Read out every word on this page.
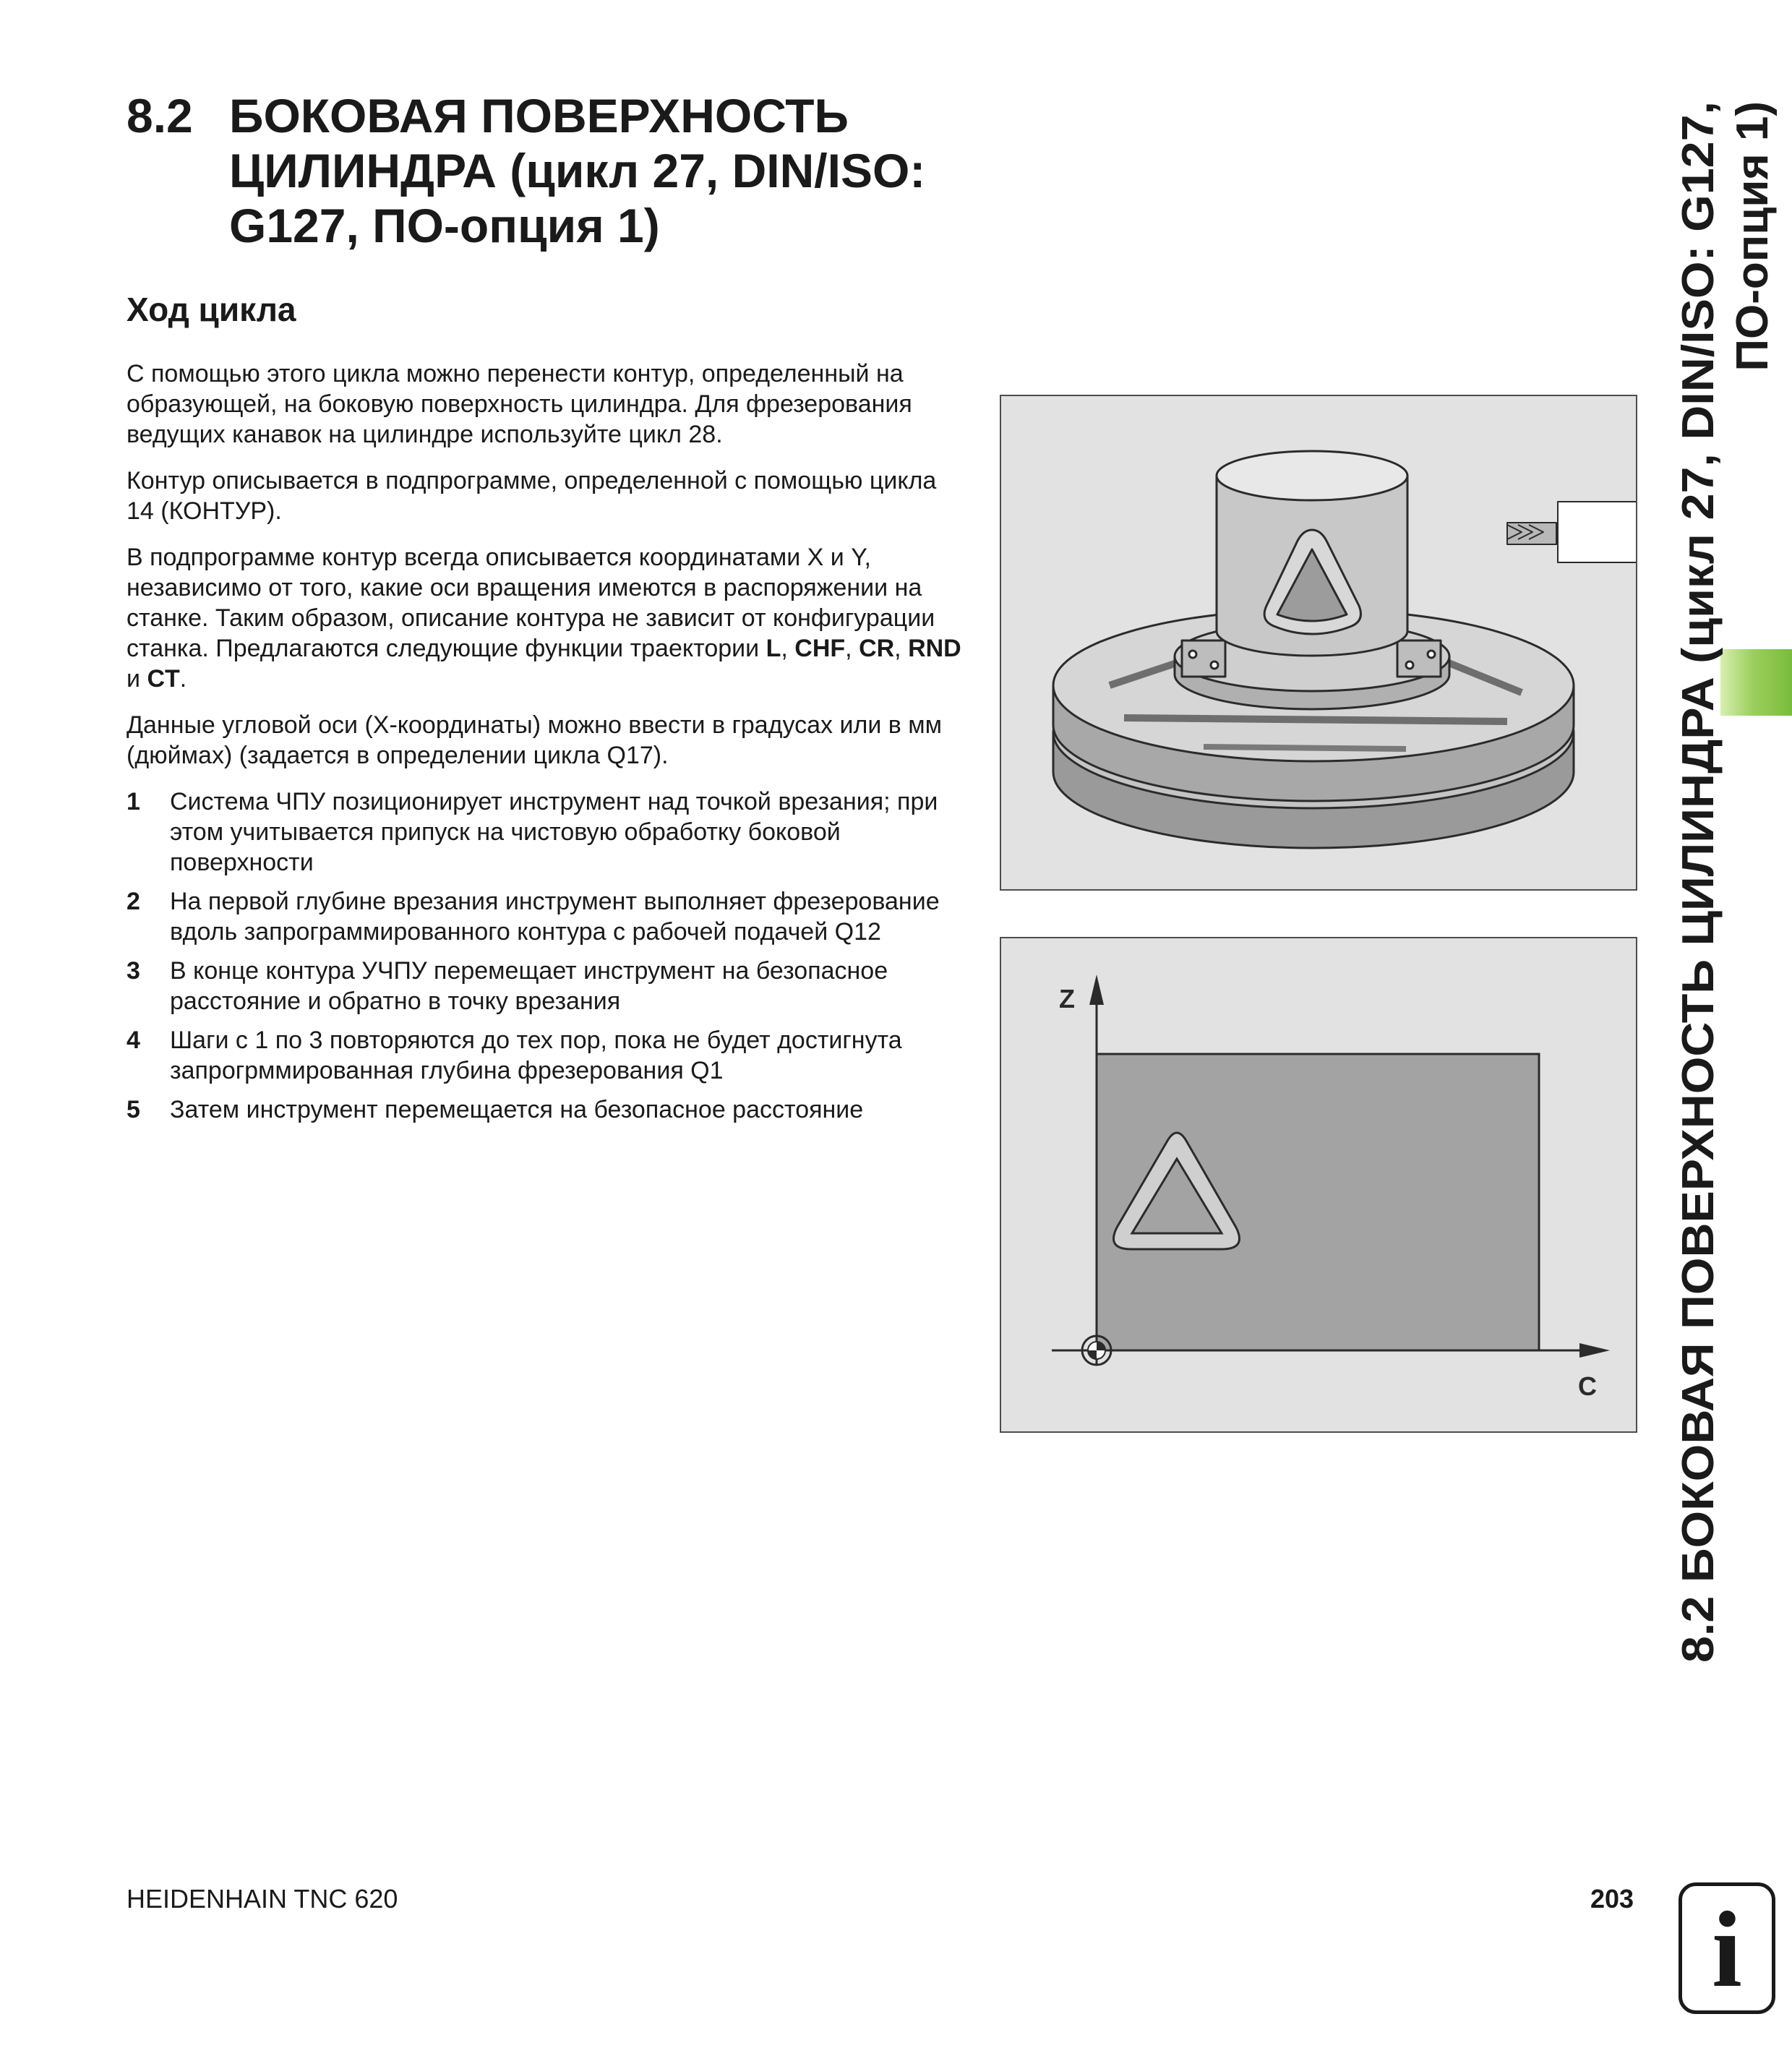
8.2 БОКОВАЯ ПОВЕРХНОСТЬ
ЦИЛИНДРА (цикл 27, DIN/ISO:
G127, ПО-опция 1)
Ход цикла

С помощью этого цикла можно перенести контур, определенный на образующей, на боковую поверхность цилиндра. Для фрезерования ведущих канавок на цилиндре используйте цикл 28.

Контур описывается в подпрограмме, определенной с помощью цикла 14 (КОНТУР).

В подпрограмме контур всегда описывается координатами X и Y, независимо от того, какие оси вращения имеются в распоряжении на станке. Таким образом, описание контура не зависит от конфигурации станка. Предлагаются следующие функции траектории L, CHF, CR, RND и CT.

Данные угловой оси (X-координаты) можно ввести в градусах или в мм (дюймах) (задается в определении цикла Q17).

1 Система ЧПУ позиционирует инструмент над точкой врезания; при этом учитывается припуск на чистовую обработку боковой поверхности
2 На первой глубине врезания инструмент выполняет фрезерование вдоль запрограммированного контура с рабочей подачей Q12
3 В конце контура УЧПУ перемещает инструмент на безопасное расстояние и обратно в точку врезания
4 Шаги с 1 по 3 повторяются до тех пор, пока не будет достигнута запрогрммированная глубина фрезерования Q1
5 Затем инструмент перемещается на безопасное расстояние
Z
C 8.2 БОКОВАЯ ПОВЕРХНОСТЬ ЦИЛИНДРА (цикл 27, DIN/ISO: G127, ПО-опция 1)
HEIDENHAIN TNC 620	203 i
